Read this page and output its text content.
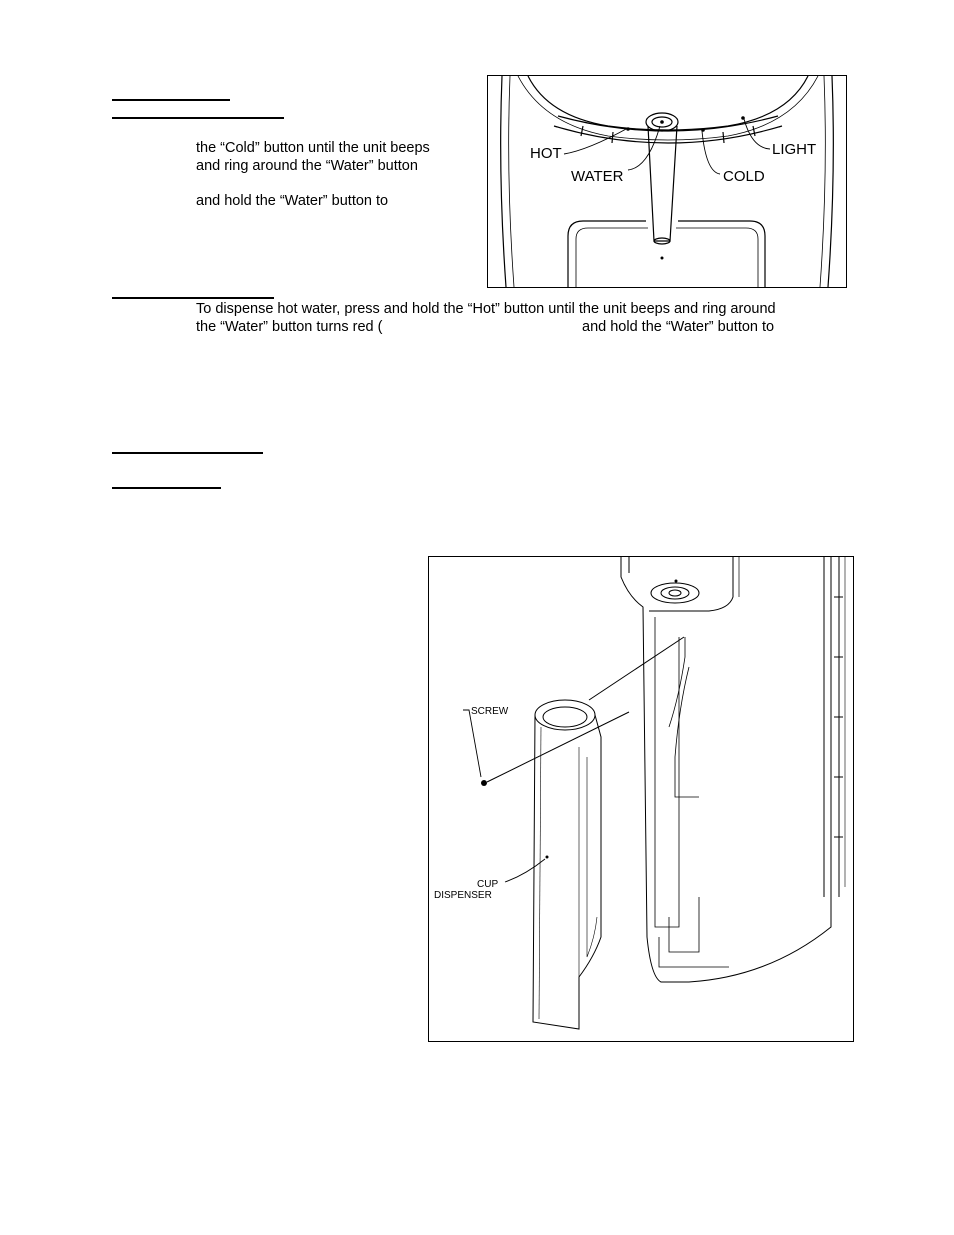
the “Cold” button until the unit beeps
and ring around the “Water” button
and hold the “Water” button to
To dispense hot water, press and hold the “Hot” button until the unit beeps and ring around
the “Water” button turns red (	and hold the “Water” button to
HOT
WATER	COLD
LIGHT
SCREW
CUP
DISPENSER
